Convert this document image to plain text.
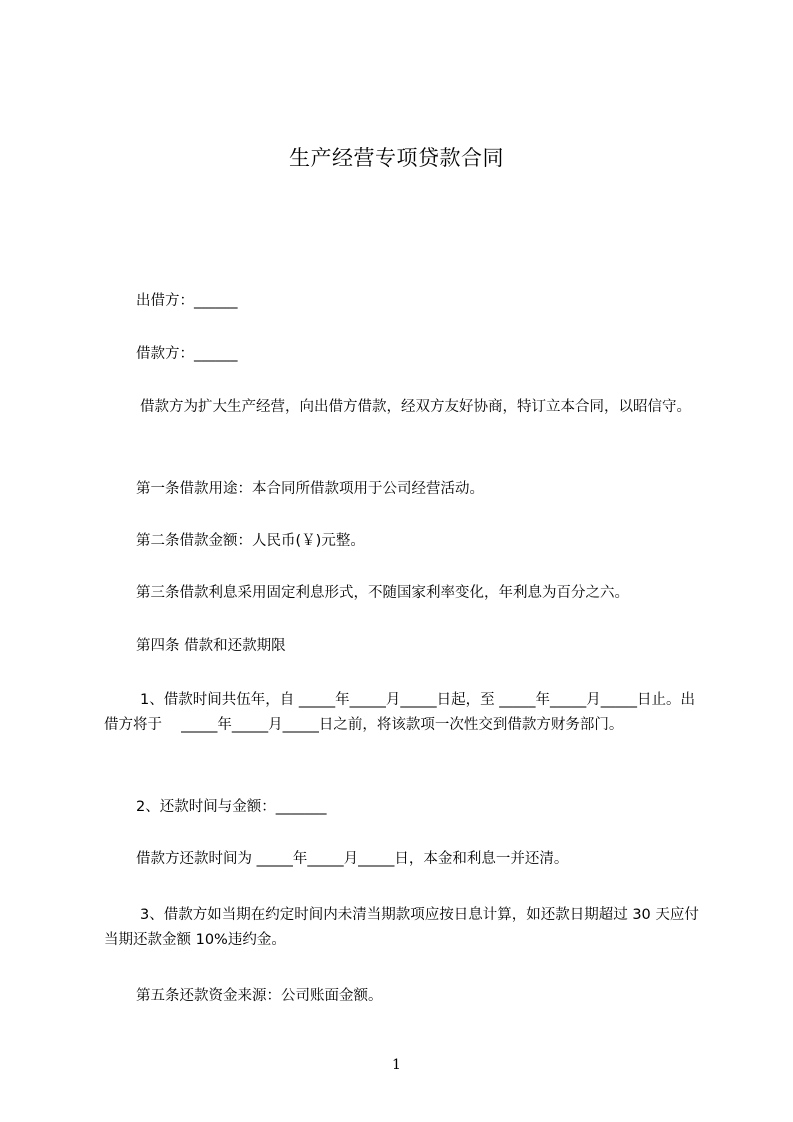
生产经营专项贷款合同

出借方：______

借款方：______

借款方为扩大生产经营，向出借方借款，经双方友好协商，特订立本合同，以昭信守。

第一条借款用途：本合同所借款项用于公司经营活动。

第二条借款金额：人民币(￥)元整。

第三条借款利息采用固定利息形式，不随国家利率变化，年利息为百分之六。

第四条 借款和还款期限

1、借款时间共伍年，自 _____年_____月_____日起，至 _____年_____月_____日止。出借方将于　 _____年_____月_____日之前，将该款项一次性交到借款方财务部门。

2、还款时间与金额：_______

借款方还款时间为 _____年_____月_____日，本金和利息一并还清。

3、借款方如当期在约定时间内未清当期款项应按日息计算，如还款日期超过 30 天应付当期还款金额 10%违约金。

第五条还款资金来源：公司账面金额。

1
